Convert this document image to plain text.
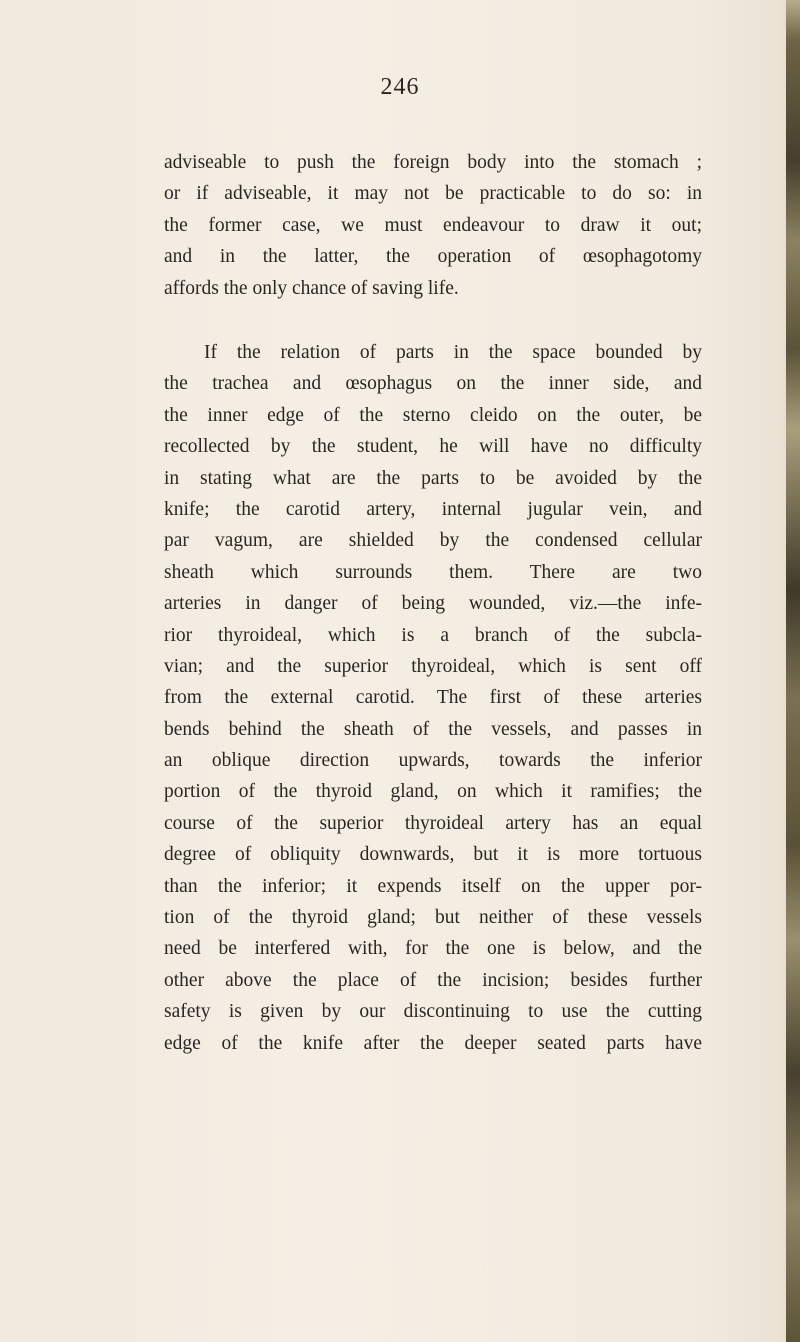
246

adviseable to push the foreign body into the stomach ;
or if adviseable, it may not be practicable to do so: in
the former case, we must endeavour to draw it out;
and in the latter, the operation of œsophagotomy
affords the only chance of saving life.
If the relation of parts in the space bounded by
the trachea and œsophagus on the inner side, and
the inner edge of the sterno cleido on the outer, be
recollected by the student, he will have no difficulty
in stating what are the parts to be avoided by the
knife; the carotid artery, internal jugular vein, and
par vagum, are shielded by the condensed cellular
sheath which surrounds them. There are two
arteries in danger of being wounded, viz.—the infe-
rior thyroideal, which is a branch of the subcla-
vian; and the superior thyroideal, which is sent off
from the external carotid. The first of these arteries
bends behind the sheath of the vessels, and passes in
an oblique direction upwards, towards the inferior
portion of the thyroid gland, on which it ramifies; the
course of the superior thyroideal artery has an equal
degree of obliquity downwards, but it is more tortuous
than the inferior; it expends itself on the upper por-
tion of the thyroid gland; but neither of these vessels
need be interfered with, for the one is below, and the
other above the place of the incision; besides further
safety is given by our discontinuing to use the cutting
edge of the knife after the deeper seated parts have
